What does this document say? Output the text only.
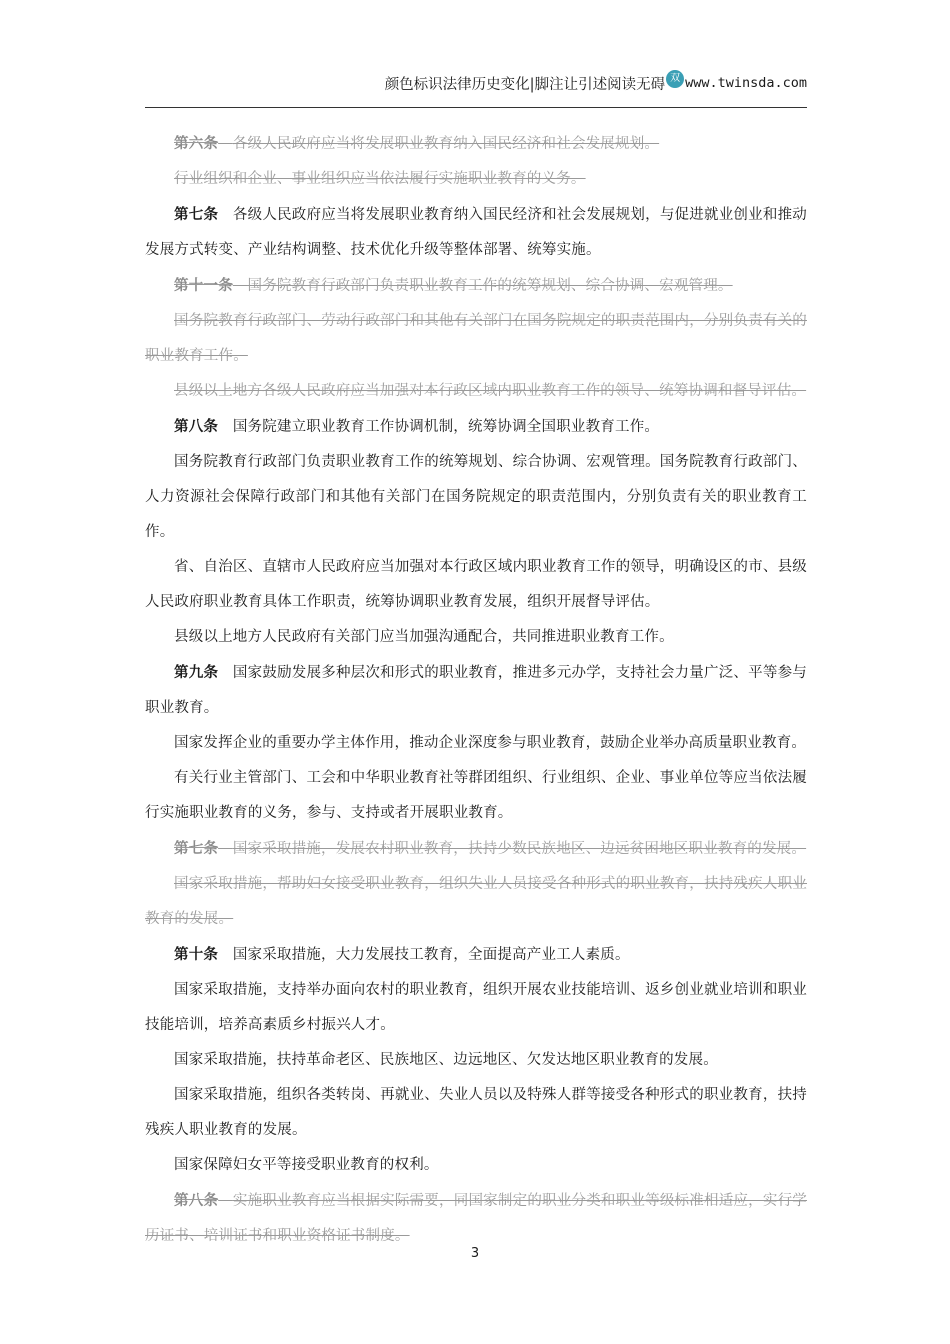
颜色标识法律历史变化|脚注让引述阅读无碍 双 www.twinsda.com

第六条　 各级人民政府应当将发展职业教育纳入国民经济和社会发展规划。

行业组织和企业、事业组织应当依法履行实施职业教育的义务。

第七条　 各级人民政府应当将发展职业教育纳入国民经济和社会发展规划，与促进就业创业和推动发展方式转变、产业结构调整、技术优化升级等整体部署、统筹实施。

第十一条　 国务院教育行政部门负责职业教育工作的统筹规划、综合协调、宏观管理。

国务院教育行政部门、劳动行政部门和其他有关部门在国务院规定的职责范围内，分别负责有关的职业教育工作。

县级以上地方各级人民政府应当加强对本行政区域内职业教育工作的领导、统筹协调和督导评估。

第八条　 国务院建立职业教育工作协调机制，统筹协调全国职业教育工作。

国务院教育行政部门负责职业教育工作的统筹规划、综合协调、宏观管理。国务院教育行政部门、人力资源社会保障行政部门和其他有关部门在国务院规定的职责范围内，分别负责有关的职业教育工作。

省、自治区、直辖市人民政府应当加强对本行政区域内职业教育工作的领导，明确设区的市、县级人民政府职业教育具体工作职责，统筹协调职业教育发展，组织开展督导评估。

县级以上地方人民政府有关部门应当加强沟通配合，共同推进职业教育工作。

第九条　 国家鼓励发展多种层次和形式的职业教育，推进多元办学，支持社会力量广泛、平等参与职业教育。

国家发挥企业的重要办学主体作用，推动企业深度参与职业教育，鼓励企业举办高质量职业教育。

有关行业主管部门、工会和中华职业教育社等群团组织、行业组织、企业、事业单位等应当依法履行实施职业教育的义务，参与、支持或者开展职业教育。

第七条　 国家采取措施，发展农村职业教育，扶持少数民族地区、边远贫困地区职业教育的发展。

国家采取措施，帮助妇女接受职业教育，组织失业人员接受各种形式的职业教育，扶持残疾人职业教育的发展。

第十条　 国家采取措施，大力发展技工教育，全面提高产业工人素质。

国家采取措施，支持举办面向农村的职业教育，组织开展农业技能培训、返乡创业就业培训和职业技能培训，培养高素质乡村振兴人才。

国家采取措施，扶持革命老区、民族地区、边远地区、欠发达地区职业教育的发展。

国家采取措施，组织各类转岗、再就业、失业人员以及特殊人群等接受各种形式的职业教育，扶持残疾人职业教育的发展。

国家保障妇女平等接受职业教育的权利。

第八条　 实施职业教育应当根据实际需要，同国家制定的职业分类和职业等级标准相适应，实行学历证书、培训证书和职业资格证书制度。

3
